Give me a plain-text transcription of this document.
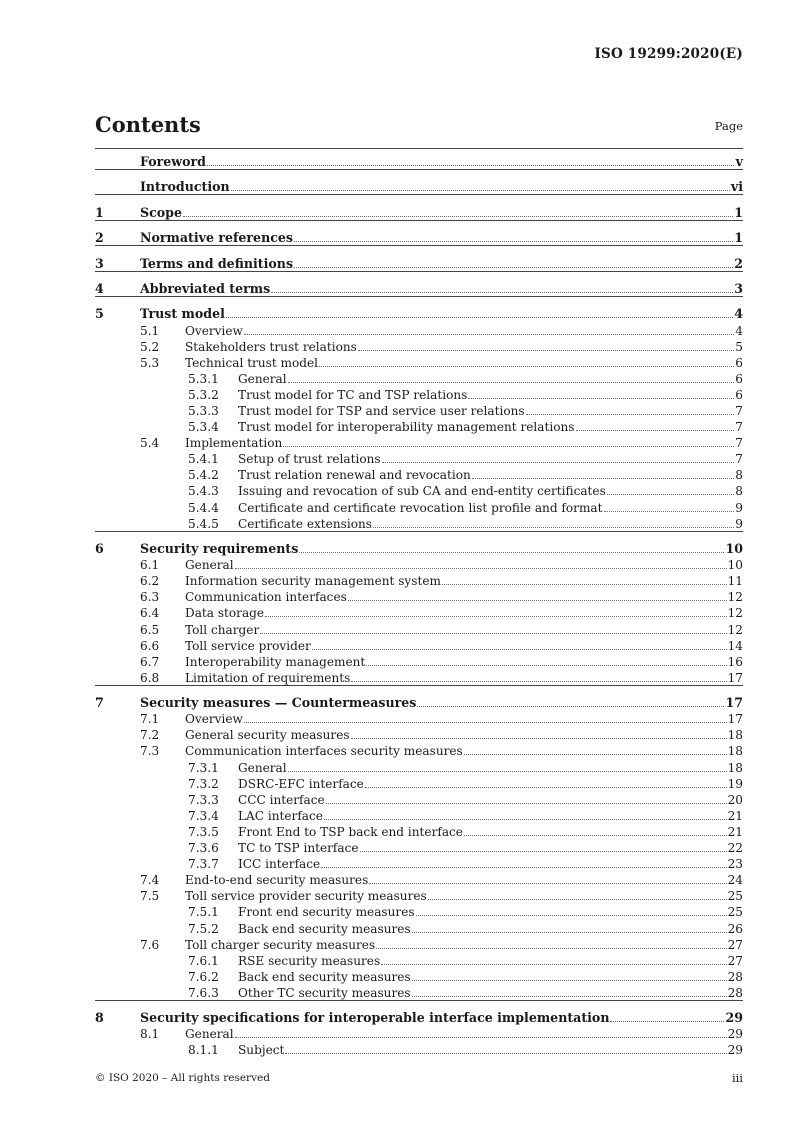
ISO 19299:2020(E)
Contents	Page
Foreword	v
Introduction	vi
1	Scope	1
2	Normative references	1
3	Terms and definitions	2
4	Abbreviated terms	3
5	Trust model	4
5.1	Overview	4
5.2	Stakeholders trust relations	5
5.3	Technical trust model	6
5.3.1	General	6
5.3.2	Trust model for TC and TSP relations	6
5.3.3	Trust model for TSP and service user relations	7
5.3.4	Trust model for interoperability management relations	7
5.4	Implementation	7
5.4.1	Setup of trust relations	7
5.4.2	Trust relation renewal and revocation	8
5.4.3	Issuing and revocation of sub CA and end-entity certificates	8
5.4.4	Certificate and certificate revocation list profile and format	9
5.4.5	Certificate extensions	9
6	Security requirements	10
6.1	General	10
6.2	Information security management system	11
6.3	Communication interfaces	12
6.4	Data storage	12
6.5	Toll charger	12
6.6	Toll service provider	14
6.7	Interoperability management	16
6.8	Limitation of requirements	17
7	Security measures — Countermeasures	17
7.1	Overview	17
7.2	General security measures	18
7.3	Communication interfaces security measures	18
7.3.1	General	18
7.3.2	DSRC-EFC interface	19
7.3.3	CCC interface	20
7.3.4	LAC interface	21
7.3.5	Front End to TSP back end interface	21
7.3.6	TC to TSP interface	22
7.3.7	ICC interface	23
7.4	End-to-end security measures	24
7.5	Toll service provider security measures	25
7.5.1	Front end security measures	25
7.5.2	Back end security measures	26
7.6	Toll charger security measures	27
7.6.1	RSE security measures	27
7.6.2	Back end security measures	28
7.6.3	Other TC security measures	28
8	Security specifications for interoperable interface implementation	29
8.1	General	29
8.1.1	Subject	29
© ISO 2020 – All rights reserved	iii
